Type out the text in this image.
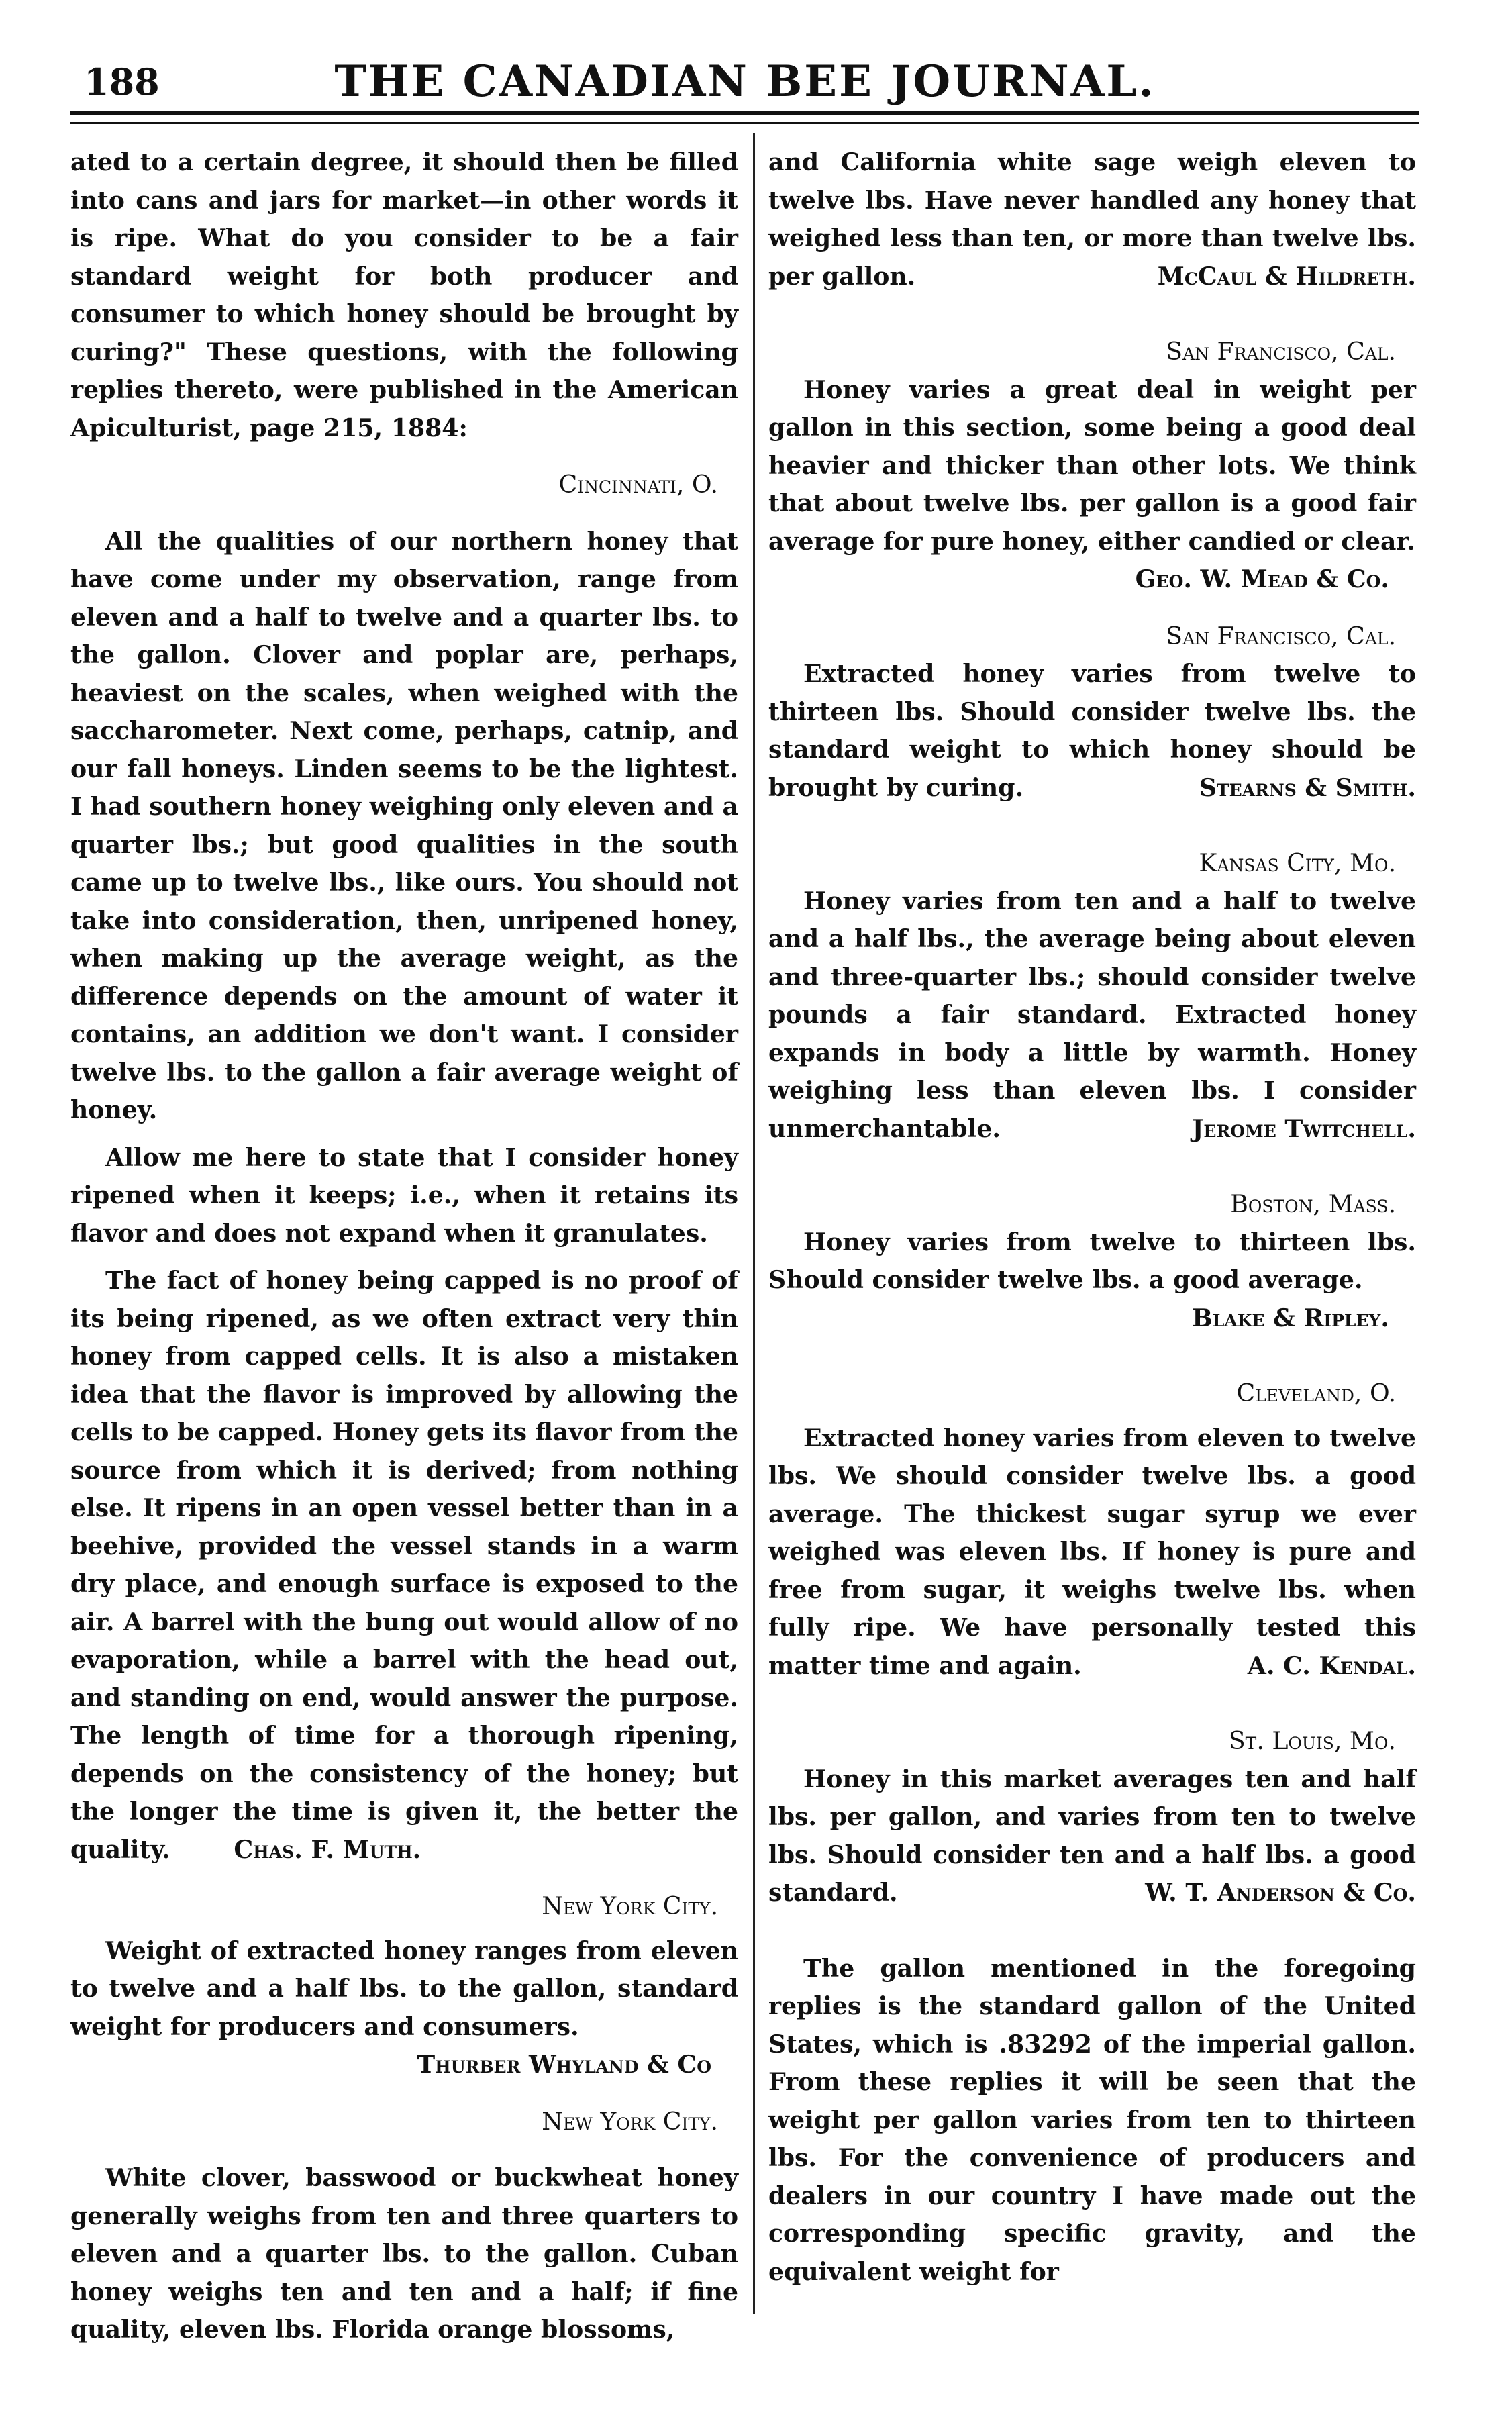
188	THE CANADIAN BEE JOURNAL.

ated to a certain degree, it should then be filled into cans and jars for market—in other words it is ripe. What do you consider to be a fair standard weight for both producer and consumer to which honey should be brought by curing?" These questions, with the following replies thereto, were published in the American Apiculturist, page 215, 1884:

Cincinnati, O.

All the qualities of our northern honey that have come under my observation, range from eleven and a half to twelve and a quarter lbs. to the gallon. Clover and poplar are, perhaps, heaviest on the scales, when weighed with the saccharometer. Next come, perhaps, catnip, and our fall honeys. Linden seems to be the lightest. I had southern honey weighing only eleven and a quarter lbs.; but good qualities in the south came up to twelve lbs., like ours. You should not take into consideration, then, unripened honey, when making up the average weight, as the difference depends on the amount of water it contains, an addition we don't want. I consider twelve lbs. to the gallon a fair average weight of honey.

Allow me here to state that I consider honey ripened when it keeps; i.e., when it retains its flavor and does not expand when it granulates.

The fact of honey being capped is no proof of its being ripened, as we often extract very thin honey from capped cells. It is also a mistaken idea that the flavor is improved by allowing the cells to be capped. Honey gets its flavor from the source from which it is derived; from nothing else. It ripens in an open vessel better than in a beehive, provided the vessel stands in a warm dry place, and enough surface is exposed to the air. A barrel with the bung out would allow of no evaporation, while a barrel with the head out, and standing on end, would answer the purpose. The length of time for a thorough ripening, depends on the consistency of the honey; but the longer the time is given it, the better the quality.	Chas. F. Muth.

New York City.

Weight of extracted honey ranges from eleven to twelve and a half lbs. to the gallon, standard weight for producers and consumers.

Thurber Whyland & Co

New York City.

White clover, basswood or buckwheat honey generally weighs from ten and three quarters to eleven and a quarter lbs. to the gallon. Cuban honey weighs ten and ten and a half; if fine quality, eleven lbs. Florida orange blossoms,

and California white sage weigh eleven to twelve lbs. Have never handled any honey that weighed less than ten, or more than twelve lbs. per gallon.	McCaul & Hildreth.

San Francisco, Cal.

Honey varies a great deal in weight per gallon in this section, some being a good deal heavier and thicker than other lots. We think that about twelve lbs. per gallon is a good fair average for pure honey, either candied or clear.

Geo. W. Mead & Co.

San Francisco, Cal.

Extracted honey varies from twelve to thirteen lbs. Should consider twelve lbs. the standard weight to which honey should be brought by curing.	Stearns & Smith.

Kansas City, Mo.

Honey varies from ten and a half to twelve and a half lbs., the average being about eleven and three-quarter lbs.; should consider twelve pounds a fair standard. Extracted honey expands in body a little by warmth. Honey weighing less than eleven lbs. I consider unmerchantable.	Jerome Twitchell.

Boston, Mass.

Honey varies from twelve to thirteen lbs. Should consider twelve lbs. a good average.

Blake & Ripley.

Cleveland, O.

Extracted honey varies from eleven to twelve lbs. We should consider twelve lbs. a good average. The thickest sugar syrup we ever weighed was eleven lbs. If honey is pure and free from sugar, it weighs twelve lbs. when fully ripe. We have personally tested this matter time and again.	A. C. Kendal.

St. Louis, Mo.

Honey in this market averages ten and half lbs. per gallon, and varies from ten to twelve lbs. Should consider ten and a half lbs. a good standard.	W. T. Anderson & Co.

The gallon mentioned in the foregoing replies is the standard gallon of the United States, which is .83292 of the imperial gallon. From these replies it will be seen that the weight per gallon varies from ten to thirteen lbs. For the convenience of producers and dealers in our country I have made out the corresponding specific gravity, and the equivalent weight for
